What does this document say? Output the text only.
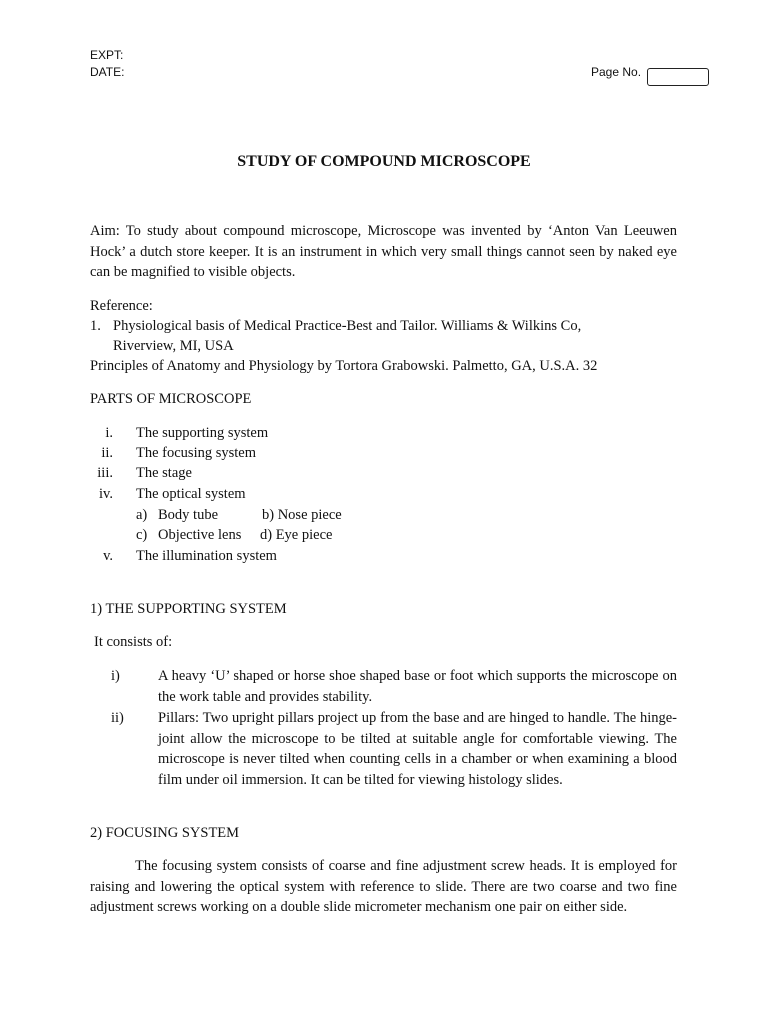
EXPT:
DATE:	Page No.
STUDY OF COMPOUND MICROSCOPE
Aim: To study about compound microscope, Microscope was invented by ‘Anton Van Leeuwen Hock’ a dutch store keeper. It is an instrument in which very small things cannot seen by naked eye can be magnified to visible objects.
Reference:
1. Physiological basis of Medical Practice-Best and Tailor. Williams & Wilkins Co,
Riverview, MI, USA
Principles of Anatomy and Physiology by Tortora Grabowski. Palmetto, GA, U.S.A. 32
PARTS OF MICROSCOPE
i. The supporting system
ii. The focusing system
iii. The stage
iv. The optical system
a) Body tube	b) Nose piece
c) Objective lens d) Eye piece
v. The illumination system
1) THE SUPPORTING SYSTEM
It consists of:
i)	A heavy ‘U’ shaped or horse shoe shaped base or foot which supports the microscope on the work table and provides stability.
ii) Pillars: Two upright pillars project up from the base and are hinged to handle. The hinge-joint allow the microscope to be tilted at suitable angle for comfortable viewing. The microscope is never tilted when counting cells in a chamber or when examining a blood film under oil immersion. It can be tilted for viewing histology slides.
2) FOCUSING SYSTEM
The focusing system consists of coarse and fine adjustment screw heads. It is employed for raising and lowering the optical system with reference to slide. There are two coarse and two fine adjustment screws working on a double slide micrometer mechanism one pair on either side.
